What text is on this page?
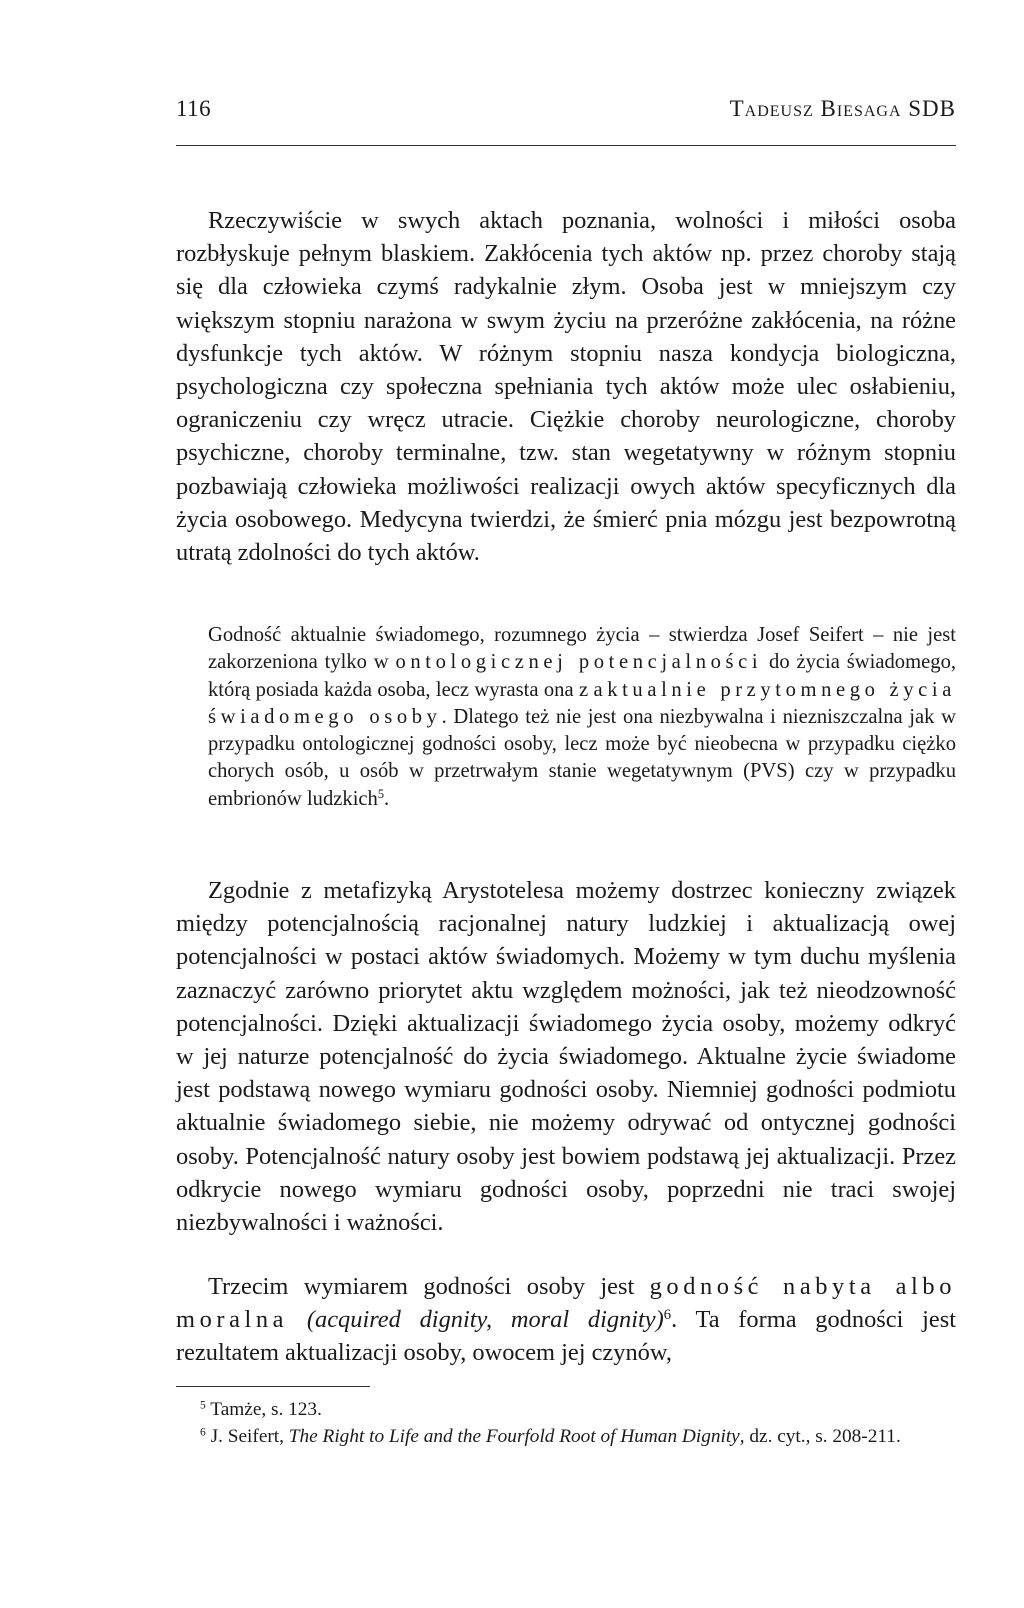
116	Tadeusz Biesaga SDB

Rzeczywiście w swych aktach poznania, wolności i miłości osoba rozbłyskuje pełnym blaskiem. Zakłócenia tych aktów np. przez choroby stają się dla człowieka czymś radykalnie złym. Osoba jest w mniejszym czy większym stopniu narażona w swym życiu na przeróżne zakłócenia, na różne dysfunkcje tych aktów. W różnym stopniu nasza kondycja biologiczna, psychologiczna czy społeczna spełniania tych aktów może ulec osłabieniu, ograniczeniu czy wręcz utracie. Ciężkie choroby neurologiczne, choroby psychiczne, choroby terminalne, tzw. stan wegetatywny w różnym stopniu pozbawiają człowieka możliwości realizacji owych aktów specyficznych dla życia osobowego. Medycyna twierdzi, że śmierć pnia mózgu jest bezpowrotną utratą zdolności do tych aktów.

Godność aktualnie świadomego, rozumnego życia – stwierdza Josef Seifert – nie jest zakorzeniona tylko w ontologicznej potencjalności do życia świadomego, którą posiada każda osoba, lecz wyrasta ona z aktualnie przytomnego życia świadomego osoby. Dlatego też nie jest ona niezbywalna i niezniszczalna jak w przypadku ontologicznej godności osoby, lecz może być nieobecna w przypadku ciężko chorych osób, u osób w przetrwałym stanie wegetatywnym (PVS) czy w przypadku embrionów ludzkich$^5$.

Zgodnie z metafizyką Arystotelesa możemy dostrzec konieczny związek między potencjalnością racjonalnej natury ludzkiej i aktualizacją owej potencjalności w postaci aktów świadomych. Możemy w tym duchu myślenia zaznaczyć zarówno priorytet aktu względem możności, jak też nieodzowność potencjalności. Dzięki aktualizacji świadomego życia osoby, możemy odkryć w jej naturze potencjalność do życia świadomego. Aktualne życie świadome jest podstawą nowego wymiaru godności osoby. Niemniej godności podmiotu aktualnie świadomego siebie, nie możemy odrywać od ontycznej godności osoby. Potencjalność natury osoby jest bowiem podstawą jej aktualizacji. Przez odkrycie nowego wymiaru godności osoby, poprzedni nie traci swojej niezbywalności i ważności.

Trzecim wymiarem godności osoby jest godność nabyta albo moralna (acquired dignity, moral dignity)$^6$. Ta forma godności jest rezultatem aktualizacji osoby, owocem jej czynów,

$^5$ Tamże, s. 123.

$^6$ J. Seifert, The Right to Life and the Fourfold Root of Human Dignity, dz. cyt., s. 208-211.
